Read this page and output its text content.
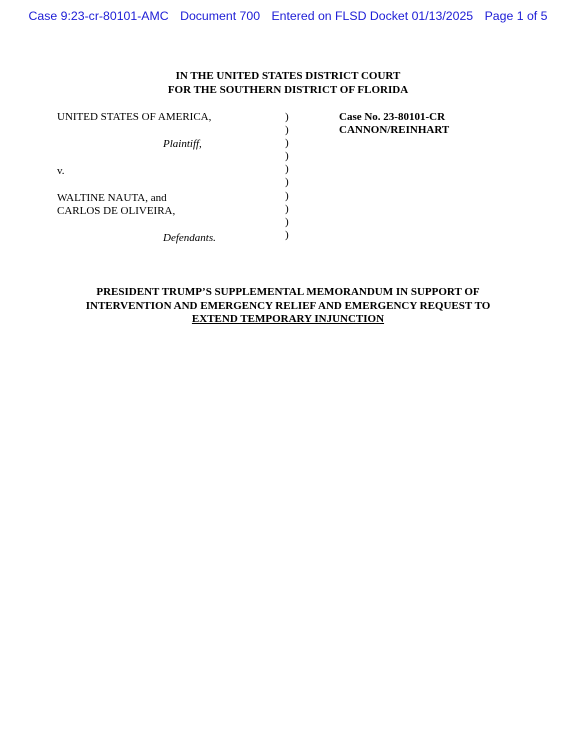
Case 9:23-cr-80101-AMC Document 700 Entered on FLSD Docket 01/13/2025 Page 1 of 5
IN THE UNITED STATES DISTRICT COURT
FOR THE SOUTHERN DISTRICT OF FLORIDA
UNITED STATES OF AMERICA,
Plaintiff,
v.
WALTINE NAUTA, and
CARLOS DE OLIVEIRA,
Defendants.
)
)
)
)
)
)
)
)
)
)
Case No. 23-80101-CR
CANNON/REINHART
PRESIDENT TRUMP’S SUPPLEMENTAL MEMORANDUM IN SUPPORT OF
INTERVENTION AND EMERGENCY RELIEF AND EMERGENCY REQUEST TO
EXTEND TEMPORARY INJUNCTION
